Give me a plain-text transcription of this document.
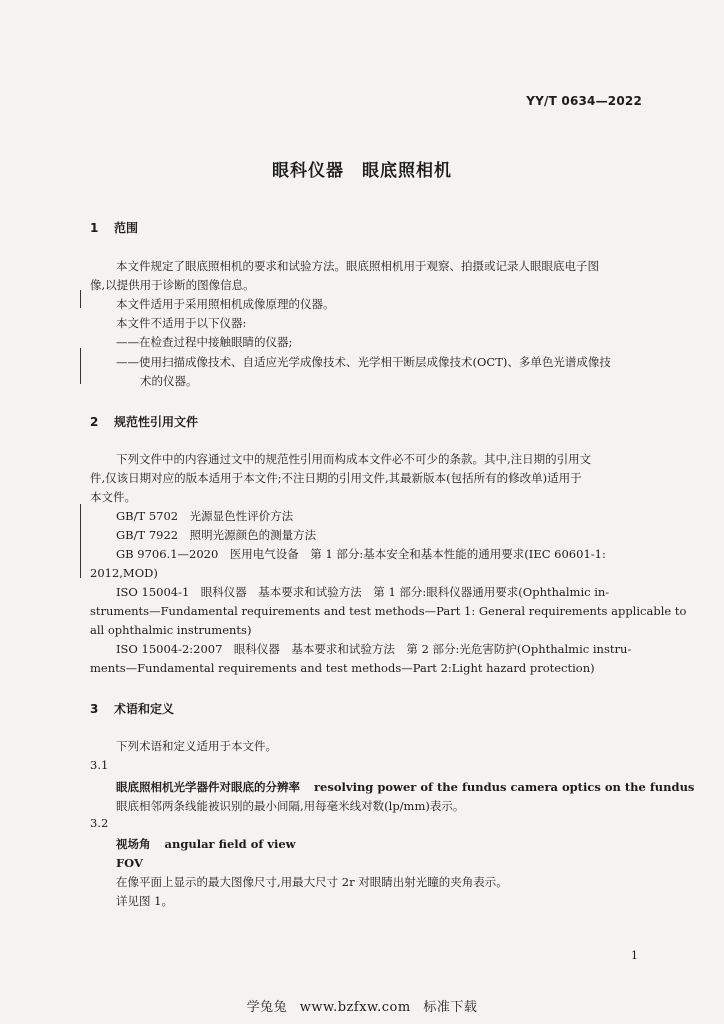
YY/T 0634—2022
眼科仪器　眼底照相机
1 范围
本文件规定了眼底照相机的要求和试验方法。眼底照相机用于观察、拍摄或记录人眼眼底电子图
像,以提供用于诊断的图像信息。
本文件适用于采用照相机成像原理的仪器。
本文件不适用于以下仪器:
——在检查过程中接触眼睛的仪器;
——使用扫描成像技术、自适应光学成像技术、光学相干断层成像技术(OCT)、多单色光谱成像技
术的仪器。
2 规范性引用文件
下列文件中的内容通过文中的规范性引用而构成本文件必不可少的条款。其中,注日期的引用文
件,仅该日期对应的版本适用于本文件;不注日期的引用文件,其最新版本(包括所有的修改单)适用于
本文件。
GB/T 5702　光源显色性评价方法
GB/T 7922　照明光源颜色的测量方法
GB 9706.1—2020　医用电气设备　第 1 部分:基本安全和基本性能的通用要求(IEC 60601-1:
2012,MOD)
ISO 15004-1　眼科仪器　基本要求和试验方法　第 1 部分:眼科仪器通用要求(Ophthalmic in-
struments—Fundamental requirements and test methods—Part 1: General requirements applicable to
all ophthalmic instruments)
ISO 15004-2:2007　眼科仪器　基本要求和试验方法　第 2 部分:光危害防护(Ophthalmic instru-
ments—Fundamental requirements and test methods—Part 2:Light hazard protection)
3 术语和定义
下列术语和定义适用于本文件。
3.1
眼底照相机光学器件对眼底的分辨率 resolving power of the fundus camera optics on the fundus
眼底相邻两条线能被识别的最小间隔,用每毫米线对数(lp/mm)表示。
3.2
视场角 angular field of view
FOV
在像平面上显示的最大图像尺寸,用最大尺寸 2r 对眼睛出射光瞳的夹角表示。
详见图 1。
1
学兔兔 www.bzfxw.com 标准下载
